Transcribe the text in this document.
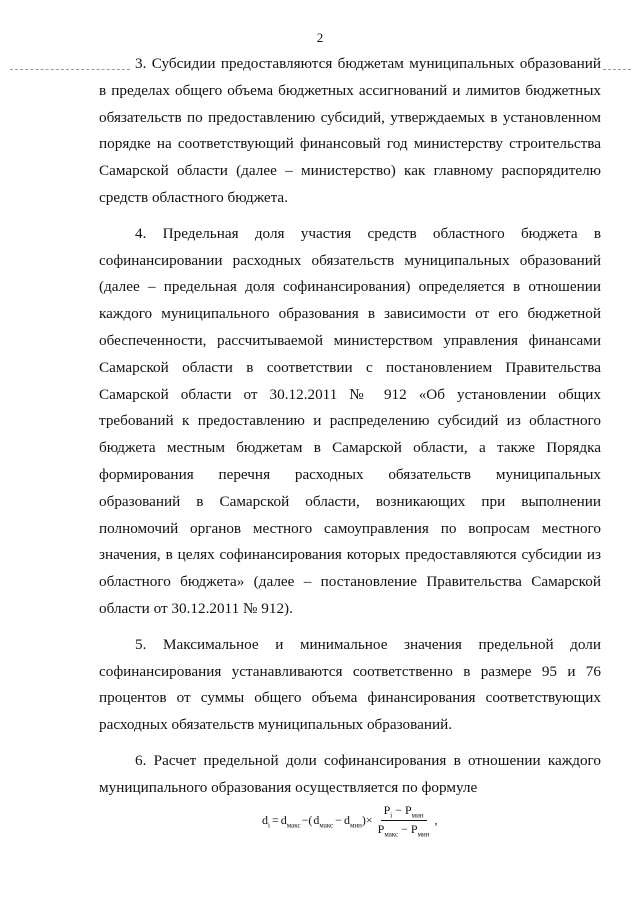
2

3. Субсидии предоставляются бюджетам муниципальных образований в пределах общего объема бюджетных ассигнований и лимитов бюджетных обязательств по предоставлению субсидий, утверждаемых в установленном порядке на соответствующий финансовый год министерству строительства Самарской области (далее – министерство) как главному распорядителю средств областного бюджета.

4. Предельная доля участия средств областного бюджета в софинансировании расходных обязательств муниципальных образований (далее – предельная доля софинансирования) определяется в отношении каждого муниципального образования в зависимости от его бюджетной обеспеченности, рассчитываемой министерством управления финансами Самарской области в соответствии с постановлением Правительства Самарской области от 30.12.2011 № 912 «Об установлении общих требований к предоставлению и распределению субсидий из областного бюджета местным бюджетам в Самарской области, а также Порядка формирования перечня расходных обязательств муниципальных образований в Самарской области, возникающих при выполнении полномочий органов местного самоуправления по вопросам местного значения, в целях софинансирования которых предоставляются субсидии из областного бюджета» (далее – постановление Правительства Самарской области от 30.12.2011 № 912).

5. Максимальное и минимальное значения предельной доли софинансирования устанавливаются соответственно в размере 95 и 76 процентов от суммы общего объема финансирования соответствующих расходных обязательств муниципальных образований.

6. Расчет предельной доли софинансирования в отношении каждого муниципального образования осуществляется по формуле

$d_i = d_{макс}$ −( $d_{макс} - d_{мин}$ )× $\frac{P_i - P_{мин}}{P_{макс} - P_{мин}}$ ,
